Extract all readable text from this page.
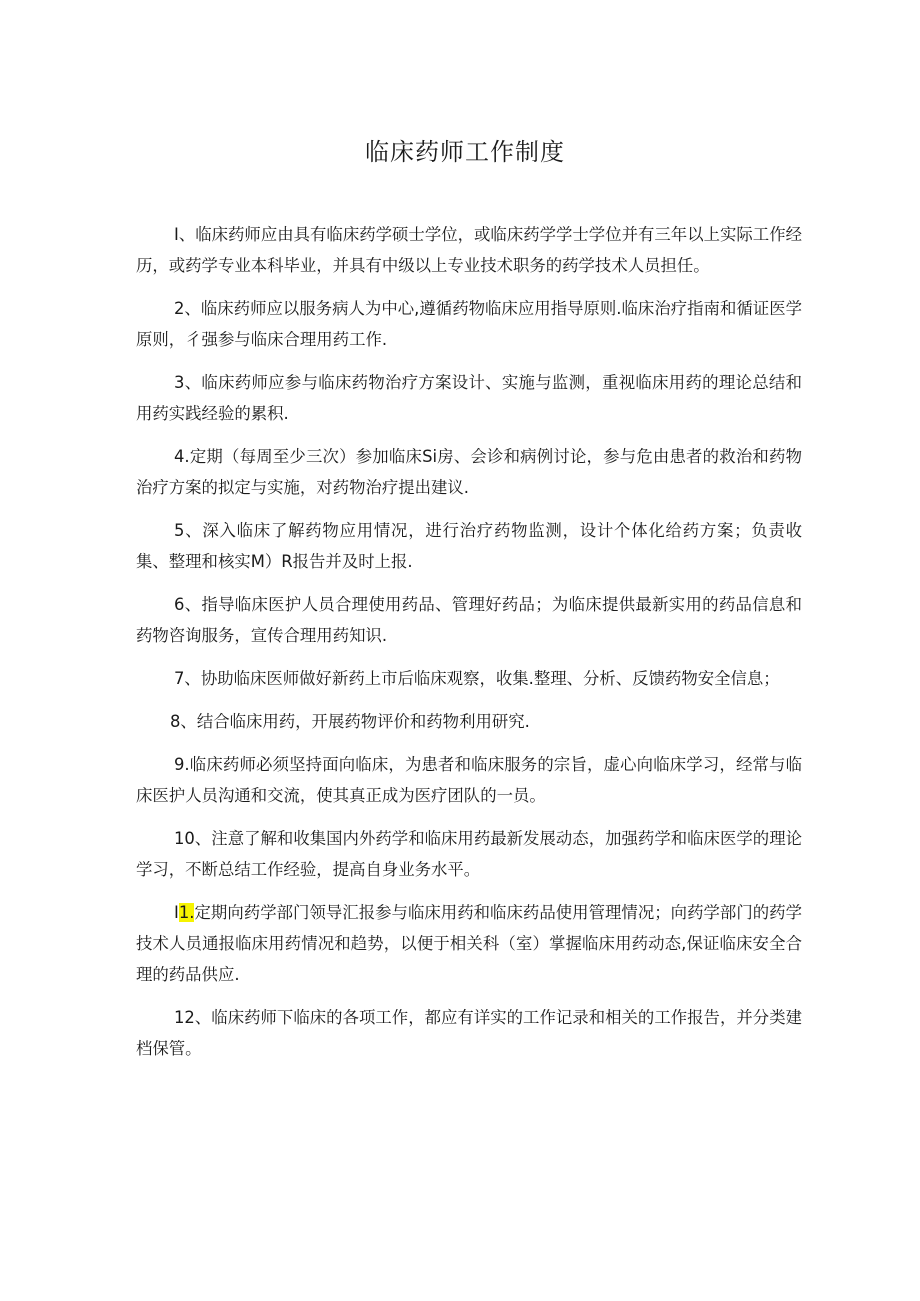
临床药师工作制度

I、临床药师应由具有临床药学硕士学位，或临床药学学士学位并有三年以上实际工作经历，或药学专业本科毕业，并具有中级以上专业技术职务的药学技术人员担任。

2、临床药师应以服务病人为中心,遵循药物临床应用指导原则.临床治疗指南和循证医学原则，彳强参与临床合理用药工作.

3、临床药师应参与临床药物治疗方案设计、实施与监测，重视临床用药的理论总结和用药实践经验的累积.

4.定期（每周至少三次）参加临床Si房、会诊和病例讨论，参与危由患者的救治和药物治疗方案的拟定与实施，对药物治疗提出建议.

5、深入临床了解药物应用情况，进行治疗药物监测，设计个体化给药方案；负责收集、整理和核实M）R报告并及时上报.

6、指导临床医护人员合理使用药品、管理好药品；为临床提供最新实用的药品信息和药物咨询服务，宣传合理用药知识.

7、协助临床医师做好新药上市后临床观察，收集.整理、分析、反馈药物安全信息；

8、结合临床用药，开展药物评价和药物利用研究.

9.临床药师必须坚持面向临床，为患者和临床服务的宗旨，虚心向临床学习，经常与临床医护人员沟通和交流，使其真正成为医疗团队的一员。

10、注意了解和收集国内外药学和临床用药最新发展动态，加强药学和临床医学的理论学习，不断总结工作经验，提高自身业务水平。

I1.定期向药学部门领导汇报参与临床用药和临床药品使用管理情况；向药学部门的药学技术人员通报临床用药情况和趋势，以便于相关科（室）掌握临床用药动态,保证临床安全合理的药品供应.

12、临床药师下临床的各项工作，都应有详实的工作记录和相关的工作报告，并分类建档保管。
